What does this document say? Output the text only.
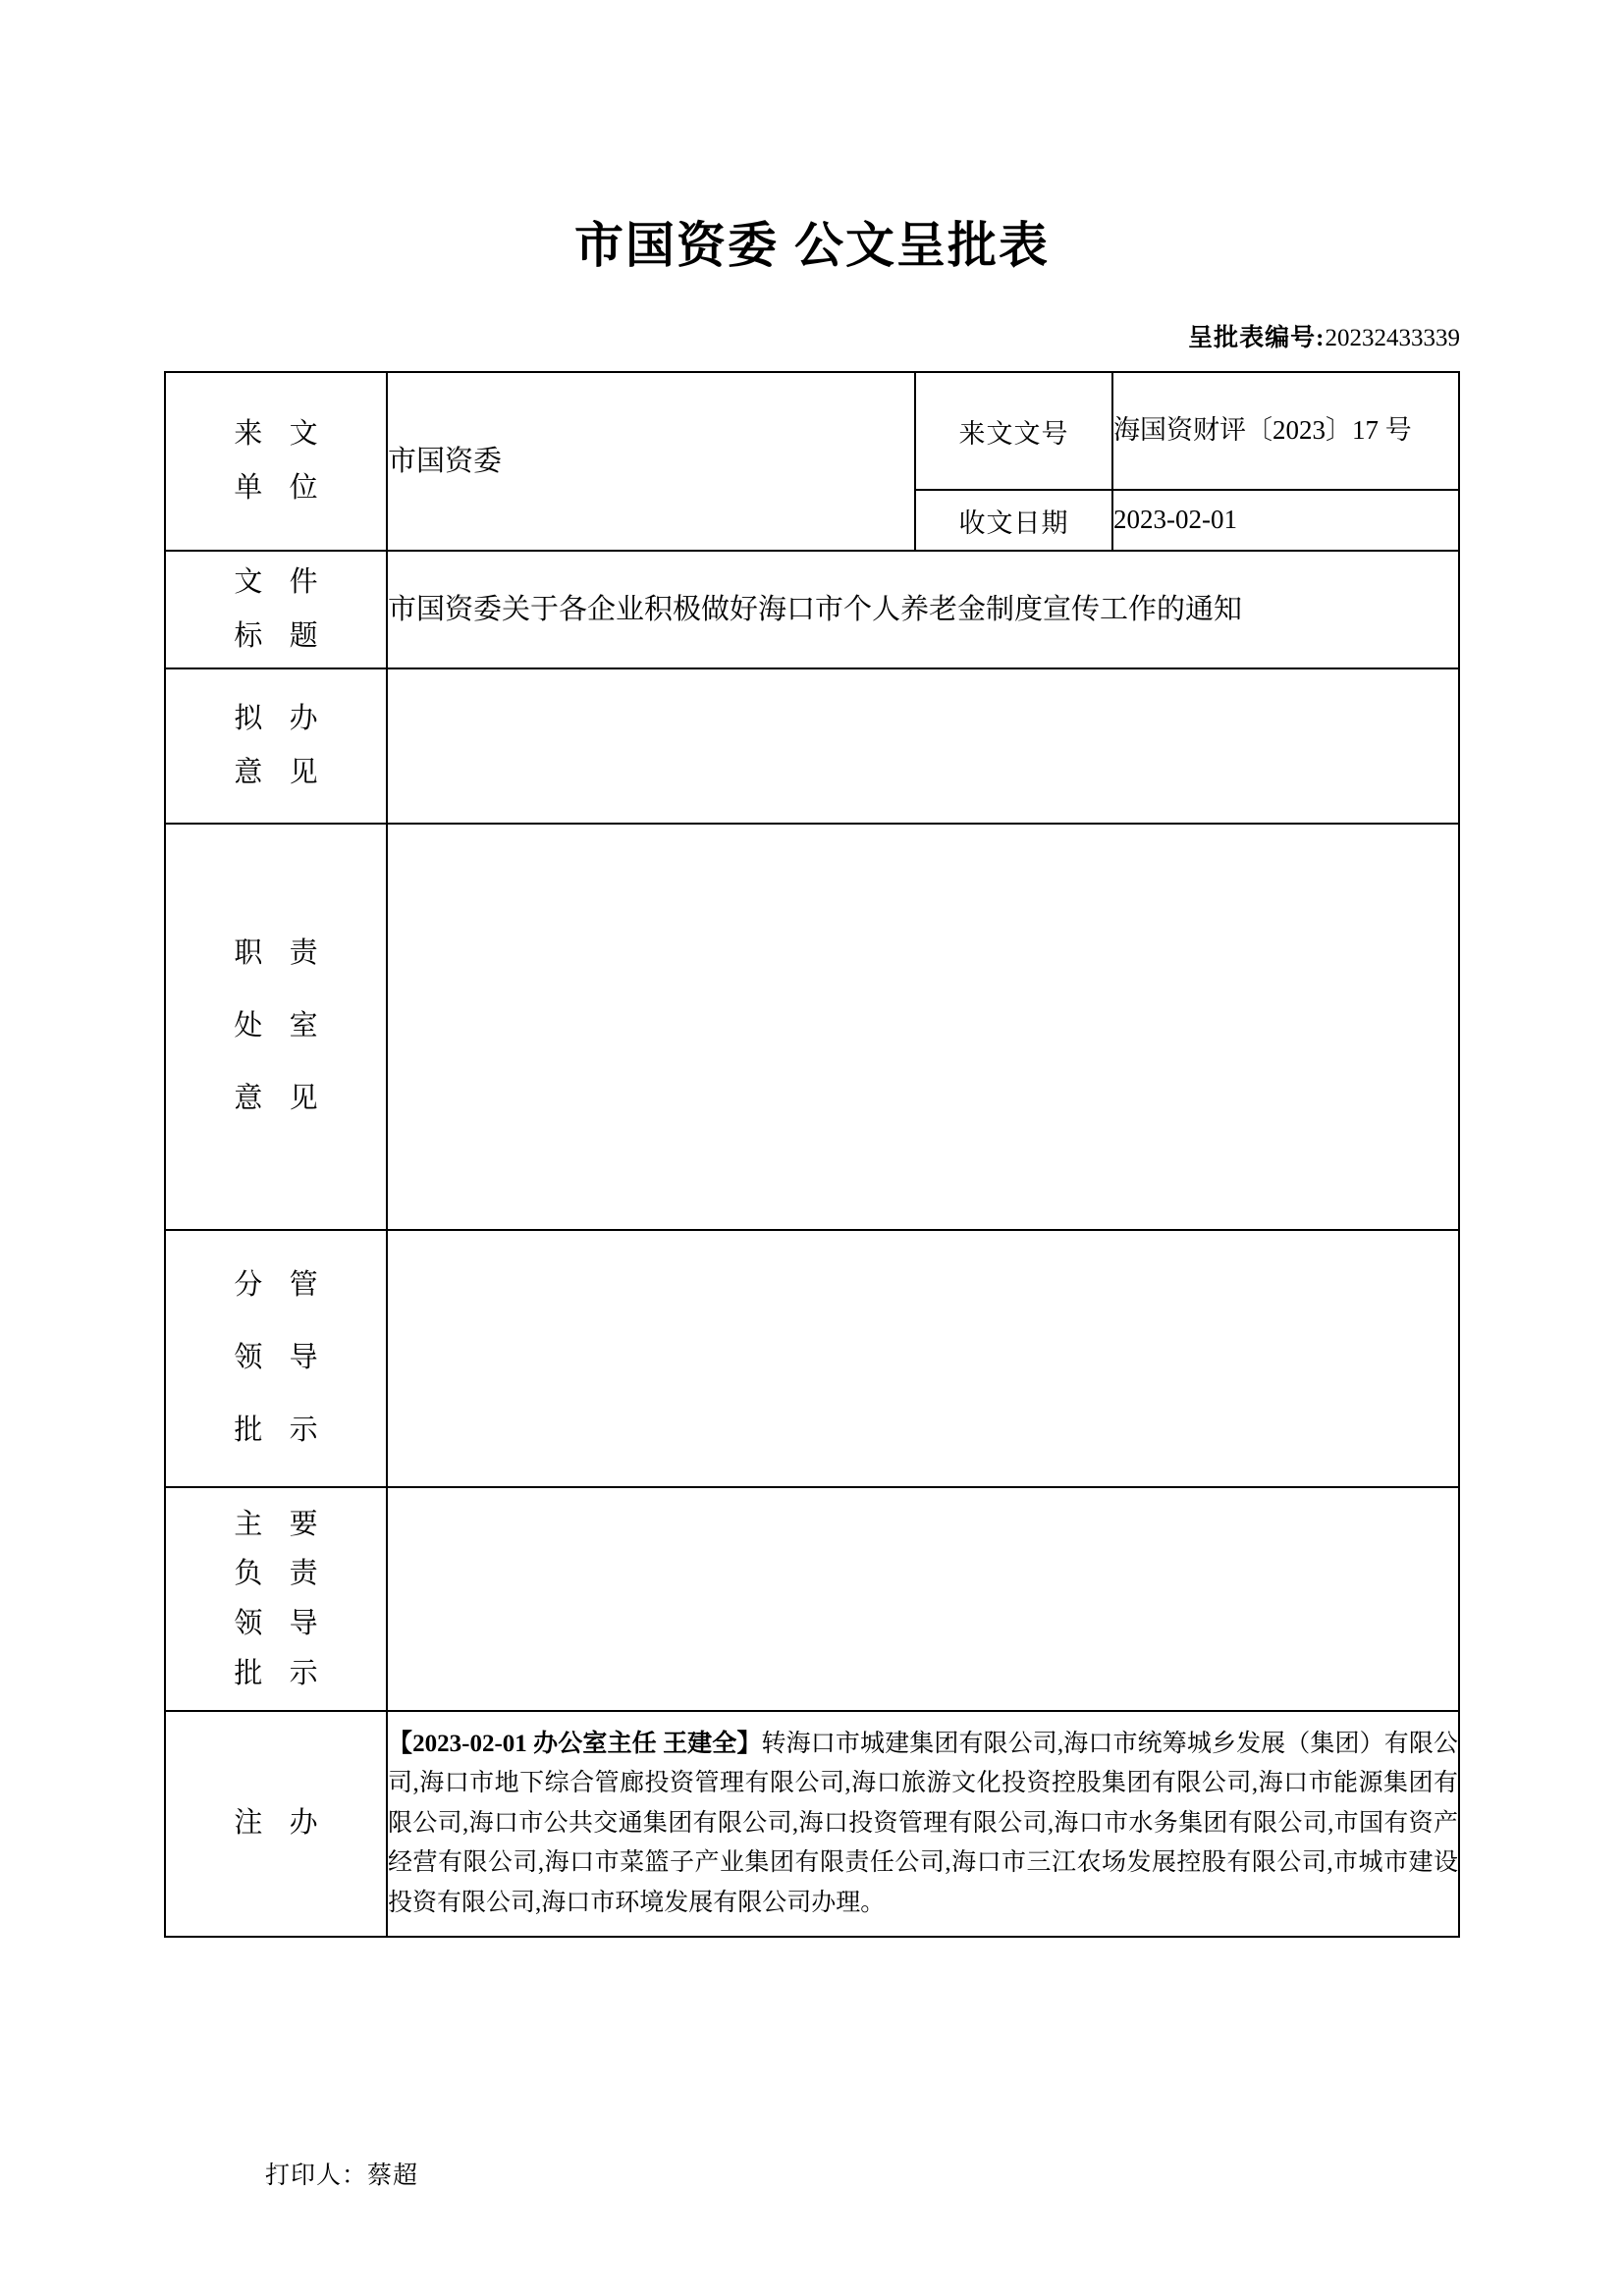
市国资委 公文呈批表
呈批表编号:20232433339
来 文
单 位
	市国资委	
来文文号	海国资财评〔2023〕17 号
收文日期	2023-02-01

文 件
标 题
	市国资委关于各企业积极做好海口市个人养老金制度宣传工作的通知

拟 办
意 见

职 责
处 室
意 见

分 管
领 导
批 示

主 要
负 责
领 导
批 示

注 办	【2023-02-01 办公室主任 王建全】转海口市城建集团有限公司,海口市统筹城乡发展（集团）有限公司,海口市地下综合管廊投资管理有限公司,海口旅游文化投资控股集团有限公司,海口市能源集团有限公司,海口市公共交通集团有限公司,海口投资管理有限公司,海口市水务集团有限公司,市国有资产经营有限公司,海口市菜篮子产业集团有限责任公司,海口市三江农场发展控股有限公司,市城市建设投资有限公司,海口市环境发展有限公司办理。
打印人：蔡超
